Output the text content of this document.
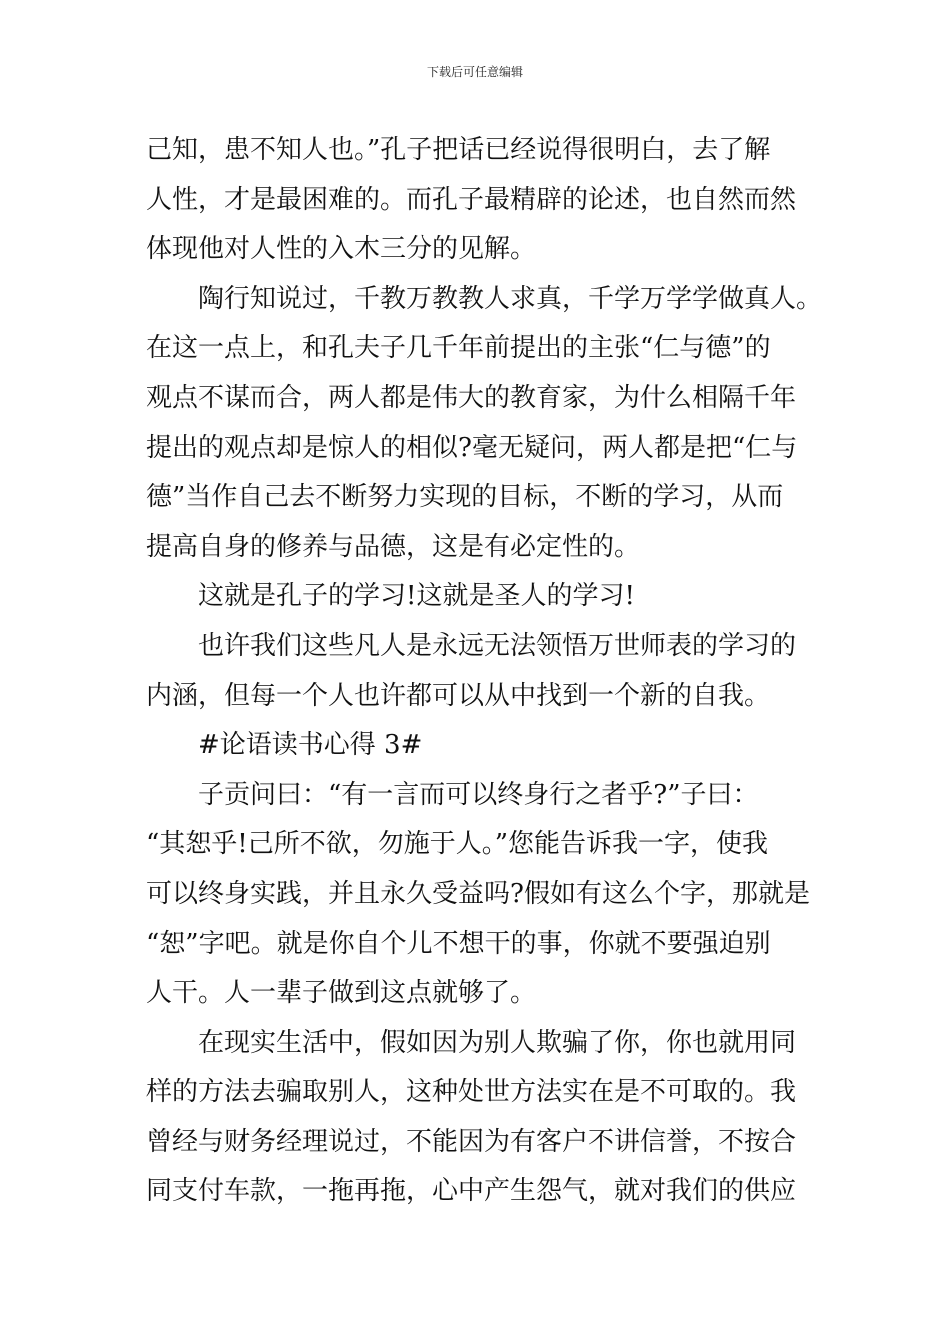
下载后可任意编辑
己知，患不知人也。”孔子把话已经说得很明白，去了解
人性，才是最困难的。而孔子最精辟的论述，也自然而然
体现他对人性的入木三分的见解。
陶行知说过，千教万教教人求真，千学万学学做真人。
在这一点上，和孔夫子几千年前提出的主张“仁与德”的
观点不谋而合，两人都是伟大的教育家，为什么相隔千年
提出的观点却是惊人的相似?毫无疑问，两人都是把“仁与
德”当作自己去不断努力实现的目标，不断的学习，从而
提高自身的修养与品德，这是有必定性的。
这就是孔子的学习!这就是圣人的学习!
也许我们这些凡人是永远无法领悟万世师表的学习的
内涵，但每一个人也许都可以从中找到一个新的自我。
#论语读书心得 3#
子贡问曰：“有一言而可以终身行之者乎?”子曰：
“其恕乎!己所不欲，勿施于人。”您能告诉我一字，使我
可以终身实践，并且永久受益吗?假如有这么个字，那就是
“恕”字吧。就是你自个儿不想干的事，你就不要强迫别
人干。人一辈子做到这点就够了。
在现实生活中，假如因为别人欺骗了你，你也就用同
样的方法去骗取别人，这种处世方法实在是不可取的。我
曾经与财务经理说过，不能因为有客户不讲信誉，不按合
同支付车款，一拖再拖，心中产生怨气，就对我们的供应
